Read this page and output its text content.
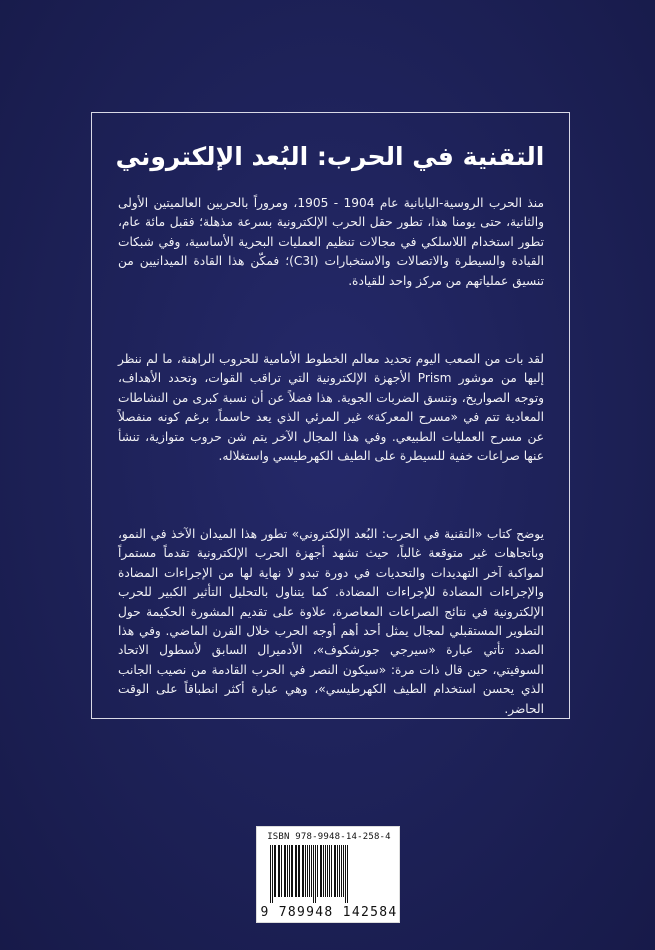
التقنية في الحرب: البُعد الإلكتروني

منذ الحرب الروسية-اليابانية عام 1904 - 1905، ومروراً بالحربين العالميتين الأولى والثانية، حتى يومنا هذا، تطور حقل الحرب الإلكترونية بسرعة مذهلة؛ فقبل مائة عام، تطور استخدام اللاسلكي في مجالات تنظيم العمليات البحرية الأساسية، وفي شبكات القيادة والسيطرة والاتصالات والاستخبارات (C3I)؛ فمكّن هذا القادة الميدانيين من تنسيق عملياتهم من مركز واحد للقيادة.

لقد بات من الصعب اليوم تحديد معالم الخطوط الأمامية للحروب الراهنة، ما لم ننظر إليها من موشور Prism الأجهزة الإلكترونية التي تراقب القوات، وتحدد الأهداف، وتوجه الصواريخ، وتنسق الضربات الجوية. هذا فضلاً عن أن نسبة كبرى من النشاطات المعادية تتم في «مسرح المعركة» غير المرئي الذي يعد حاسماً، برغم كونه منفصلاً عن مسرح العمليات الطبيعي. وفي هذا المجال الآخر يتم شن حروب متوازية، تنشأ عنها صراعات خفية للسيطرة على الطيف الكهرطيسي واستغلاله.

يوضح كتاب «التقنية في الحرب: البُعد الإلكتروني» تطور هذا الميدان الآخذ في النمو، وباتجاهات غير متوقعة غالباً، حيث تشهد أجهزة الحرب الإلكترونية تقدماً مستمراً لمواكبة آخر التهديدات والتحديات في دورة تبدو لا نهاية لها من الإجراءات المضادة والإجراءات المضادة للإجراءات المضادة. كما يتناول بالتحليل التأثير الكبير للحرب الإلكترونية في نتائج الصراعات المعاصرة، علاوة على تقديم المشورة الحكيمة حول التطوير المستقبلي لمجال يمثل أحد أهم أوجه الحرب خلال القرن الماضي. وفي هذا الصدد تأتي عبارة «سيرجي جورشكوف»، الأدميرال السابق لأسطول الاتحاد السوفيتي، حين قال ذات مرة: «سيكون النصر في الحرب القادمة من نصيب الجانب الذي يحسن استخدام الطيف الكهرطيسي»، وهي عبارة أكثر انطباقاً على الوقت الحاضر.

ISBN 978-9948-14-258-4
9 789948 142584
